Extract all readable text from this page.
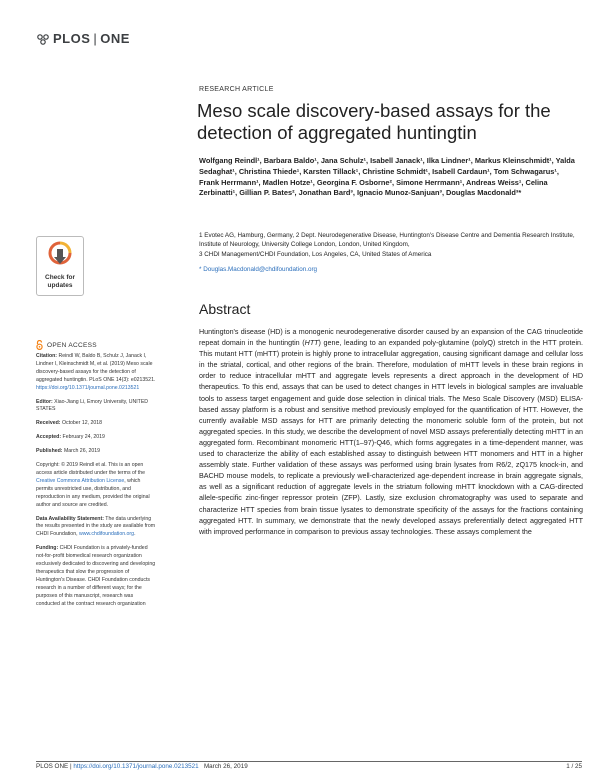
PLOS | ONE
RESEARCH ARTICLE
Meso scale discovery-based assays for the detection of aggregated huntingtin
Wolfgang Reindl¹, Barbara Baldo¹, Jana Schulz¹, Isabell Janack¹, Ilka Lindner¹, Markus Kleinschmidt¹, Yalda Sedaghat¹, Christina Thiede¹, Karsten Tillack¹, Christine Schmidt¹, Isabell Cardaun¹, Tom Schwagarus¹, Frank Herrmann¹, Madlen Hotze¹, Georgina F. Osborne², Simone Herrmann¹, Andreas Weiss¹, Celina Zerbinatti¹, Gillian P. Bates², Jonathan Bard³, Ignacio Munoz-Sanjuan³, Douglas Macdonald³*
1 Evotec AG, Hamburg, Germany, 2 Dept. Neurodegenerative Disease, Huntington's Disease Centre and Dementia Research Institute, Institute of Neurology, University College London, London, United Kingdom,
3 CHDI Management/CHDI Foundation, Los Angeles, CA, United States of America
* Douglas.Macdonald@chdifoundation.org
Abstract
Huntington's disease (HD) is a monogenic neurodegenerative disorder caused by an expansion of the CAG trinucleotide repeat domain in the huntingtin (HTT) gene, leading to an expanded poly-glutamine (polyQ) stretch in the HTT protein. This mutant HTT (mHTT) protein is highly prone to intracellular aggregation, causing significant damage and cellular loss in the striatal, cortical, and other regions of the brain. Therefore, modulation of mHTT levels in these brain regions in order to reduce intracellular mHTT and aggregate levels represents a direct approach in the development of HD therapeutics. To this end, assays that can be used to detect changes in HTT levels in biological samples are invaluable tools to assess target engagement and guide dose selection in clinical trials. The Meso Scale Discovery (MSD) ELISA-based assay platform is a robust and sensitive method previously employed for the quantification of HTT. However, the currently available MSD assays for HTT are primarily detecting the monomeric soluble form of the protein, but not aggregated species. In this study, we describe the development of novel MSD assays preferentially detecting mHTT in an aggregated form. Recombinant monomeric HTT(1–97)-Q46, which forms aggregates in a time-dependent manner, was used to characterize the ability of each established assay to distinguish between HTT monomers and HTT in a higher assembly state. Further validation of these assays was performed using brain lysates from R6/2, zQ175 knock-in, and BACHD mouse models, to replicate a previously well-characterized age-dependent increase in brain aggregate signals, as well as a significant reduction of aggregate levels in the striatum following mHTT knockdown with a CAG-directed allele-specific zinc-finger repressor protein (ZFP). Lastly, size exclusion chromatography was used to separate and characterize HTT species from brain tissue lysates to demonstrate specificity of the assays for the fractions containing aggregated HTT. In summary, we demonstrate that the newly developed assays preferentially detect aggregated HTT with improved performance in comparison to previous assay technologies. These assays complement the
Check for updates
OPEN ACCESS
Citation: Reindl W, Baldo B, Schulz J, Janack I, Lindner I, Kleinschmidt M, et al. (2019) Meso scale discovery-based assays for the detection of aggregated huntingtin. PLoS ONE 14(3): e0213521. https://doi.org/10.1371/journal.pone.0213521
Editor: Xiao-Jiang Li, Emory University, UNITED STATES
Received: October 12, 2018
Accepted: February 24, 2019
Published: March 26, 2019
Copyright: © 2019 Reindl et al. This is an open access article distributed under the terms of the Creative Commons Attribution License, which permits unrestricted use, distribution, and reproduction in any medium, provided the original author and source are credited.
Data Availability Statement: The data underlying the results presented in the study are available from CHDI Foundation, www.chdifoundation.org.
Funding: CHDI Foundation is a privately-funded not-for-profit biomedical research organization exclusively dedicated to discovering and developing therapeutics that slow the progression of Huntington's Disease. CHDI Foundation conducts research in a number of different ways; for the purposes of this manuscript, research was conducted at the contract research organization
PLOS ONE | https://doi.org/10.1371/journal.pone.0213521 March 26, 2019	1 / 25
